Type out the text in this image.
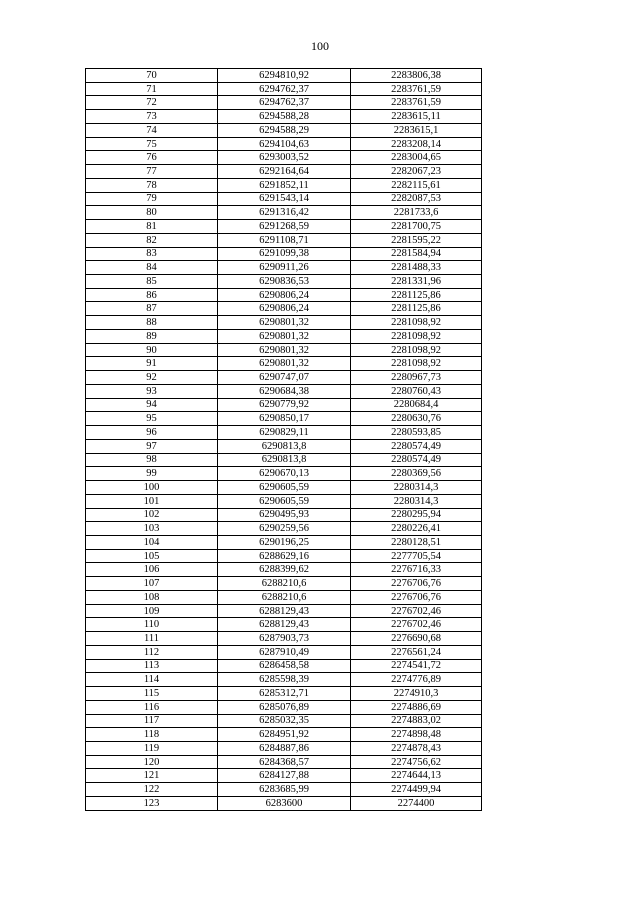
100
70	6294810,92	2283806,38
71	6294762,37	2283761,59
72	6294762,37	2283761,59
73	6294588,28	2283615,11
74	6294588,29	2283615,1
75	6294104,63	2283208,14
76	6293003,52	2283004,65
77	6292164,64	2282067,23
78	6291852,11	2282115,61
79	6291543,14	2282087,53
80	6291316,42	2281733,6
81	6291268,59	2281700,75
82	6291108,71	2281595,22
83	6291099,38	2281584,94
84	6290911,26	2281488,33
85	6290836,53	2281331,96
86	6290806,24	2281125,86
87	6290806,24	2281125,86
88	6290801,32	2281098,92
89	6290801,32	2281098,92
90	6290801,32	2281098,92
91	6290801,32	2281098,92
92	6290747,07	2280967,73
93	6290684,38	2280760,43
94	6290779,92	2280684,4
95	6290850,17	2280630,76
96	6290829,11	2280593,85
97	6290813,8	2280574,49
98	6290813,8	2280574,49
99	6290670,13	2280369,56
100	6290605,59	2280314,3
101	6290605,59	2280314,3
102	6290495,93	2280295,94
103	6290259,56	2280226,41
104	6290196,25	2280128,51
105	6288629,16	2277705,54
106	6288399,62	2276716,33
107	6288210,6	2276706,76
108	6288210,6	2276706,76
109	6288129,43	2276702,46
110	6288129,43	2276702,46
111	6287903,73	2276690,68
112	6287910,49	2276561,24
113	6286458,58	2274541,72
114	6285598,39	2274776,89
115	6285312,71	2274910,3
116	6285076,89	2274886,69
117	6285032,35	2274883,02
118	6284951,92	2274898,48
119	6284887,86	2274878,43
120	6284368,57	2274756,62
121	6284127,88	2274644,13
122	6283685,99	2274499,94
123	6283600	2274400
